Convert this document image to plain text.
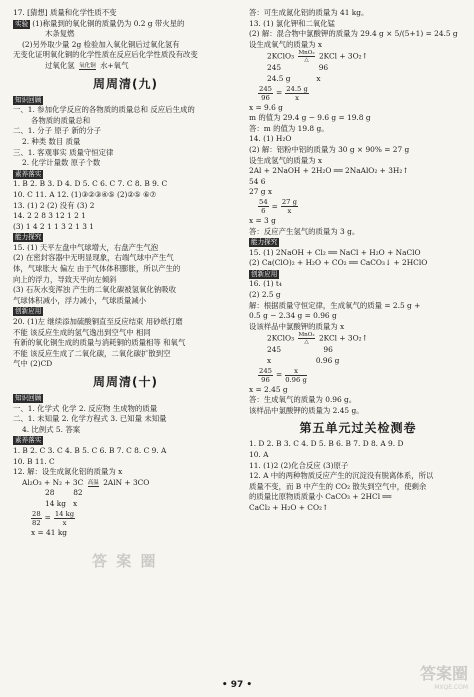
17. [猜想] 质量和化学性质不变
实验 (1)称量到的氧化铜的质量仍为 0.2 g 带火星的
木条复燃
(2)另外取少量 2g 检验加入氧化铜后过氧化氢有
无变化证明氧化铜的化学性质在反应后化学性质没有改变
过氧化氢 氧化铜 水+氧气
周周清(九)
知识回顾
一、1. 参加化学反应的各物质的质量总和 反应后生成的
各物质的质量总和
二、1. 分子 原子 新的分子
2. 种类 数目 质量
三、1. 客观事实 质量守恒定律
2. 化学计量数 原子个数
素养落实
1. B 2. B 3. D 4. D 5. C 6. C 7. C 8. B 9. C
10. C 11. A 12. (1)③②③④⑤ (2)②⑤ ⑥⑦
13. (1) 2 (2) 没有 (3) 2
14. 2 2 8 3 12 1 2 1
(3) 1 4 2 1 1 3 2 1 3 1
能力探究
15. (1) 天平左盘中气球增大，右盘产生气泡
(2) 在密封容器中无明显现象，右端气球中产生气
体，气球胀大 偏左 由于气体体积膨胀，所以产生的
向上的浮力，导致天平向左倾斜
(3) 石灰水变浑浊 产生的二氧化碳被氢氧化钠吸收
气球体积减小，浮力减小，气球质量减小
创新应用
20. (1)左 继续添加硫酸铜直至反应结束 用砂纸打磨
不能 该反应生成的氢气逸出到空气中 相同
有新的氧化铜生成的质量与消耗铜的质量相等 和氧气
不能 该反应生成了二氧化碳，二氧化碳扩散到空
气中 (2)CD
周周清(十)
知识回顾
一、1. 化学式 化学 2. 反应物 生成物的质量
二、1. 未知量 2. 化学方程式 3. 已知量 未知量
4. 比例式 5. 答案
素养落实
1. B 2. C 3. C 4. B 5. C 6. B 7. C 8. C 9. A
10. B 11. C
12. 解：设生成氮化铝的质量为 x
Al₂O₃ + N₂ + 3C 高温 2AlN + 3CO
28	82
14 kg x
$\frac{28}{82} = \frac{14 kg}{x}$
x = 41 kg
答：可生成氮化铝的质量为 41 kg。
13. (1) 氯化钾和二氧化锰
(2) 解：混合物中氯酸钾的质量为 29.4 g × 5/(5+1) = 24.5 g
设生成氧气的质量为 x
2KClO₃ MnO₂
△	2KCl + 3O₂↑
245	96
24.5 g	x
$\frac{245}{96} = \frac{24.5 g}{x}$
x = 9.6 g
m 的值为 29.4 g − 9.6 g = 19.8 g
答：m 的值为 19.8 g。
14. (1) H₂O
(2) 解：铝粉中铝的质量为 30 g × 90% = 27 g
设生成氢气的质量为 x
2Al + 2NaOH + 2H₂O ══ 2NaAlO₂ + 3H₂↑
54 6
27 g x
$\frac{54}{6} = \frac{27 g}{x}$
x = 3 g
答：反应产生氢气的质量为 3 g。
能力探究
15. (1) 2NaOH + Cl₂ ══ NaCl + H₂O + NaClO
(2) Ca(ClO)₂ + H₂O + CO₂ ══ CaCO₃↓ + 2HClO
创新应用
16. (1) t₄
(2) 2.5 g
解：根据质量守恒定律，生成氧气的质量 = 2.5 g +
0.5 g − 2.34 g = 0.96 g
设该样品中氯酸钾的质量为 x
2KClO₃ MnO₂
△	2KCl + 3O₂↑
245	96
x	0.96 g
$\frac{245}{96} = \frac{x}{0.96 g}$
x = 2.45 g
答：生成氧气的质量为 0.96 g。
该样品中氯酸钾的质量为 2.45 g。
第五单元过关检测卷
1. D 2. B 3. C 4. D 5. B 6. B 7. D 8. A 9. D
10. A
11. (1)2 (2)化合反应 (3)原子
12. A 中的两种物质反应产生的沉淀没有脱离体系，所以
质量不变，而 B 中产生的 CO₂ 散失到空气中，使剩余
的质量比原物质质量小 CaCO₃ + 2HCl ══
CaCl₂ + H₂O + CO₂↑
答 案 圈
答案圈
MXQE.COM
• 97 •
